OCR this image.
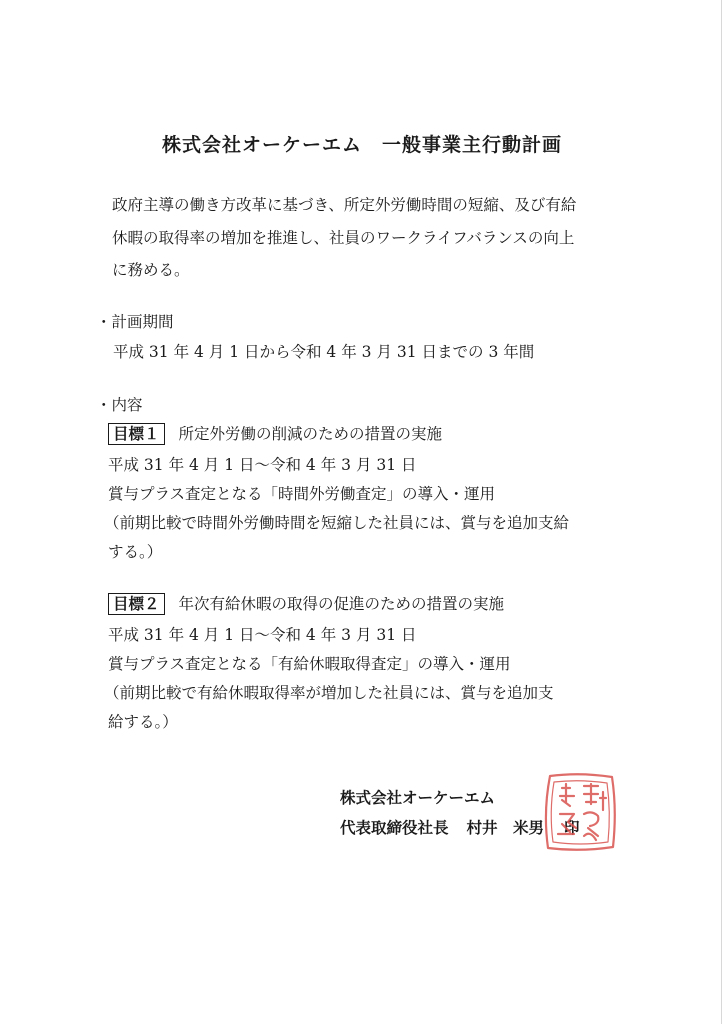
株式会社オーケーエム　一般事業主行動計画
政府主導の働き方改革に基づき、所定外労働時間の短縮、及び有給
休暇の取得率の増加を推進し、社員のワークライフバランスの向上
に務める。
・計画期間
平成 31 年 4 月 1 日から令和 4 年 3 月 31 日までの 3 年間
・内容
目標１ 所定外労働の削減のための措置の実施
平成 31 年 4 月 1 日～令和 4 年 3 月 31 日
賞与プラス査定となる「時間外労働査定」の導入・運用
（前期比較で時間外労働時間を短縮した社員には、賞与を追加支給
する。）
目標２ 年次有給休暇の取得の促進のための措置の実施
平成 31 年 4 月 1 日～令和 4 年 3 月 31 日
賞与プラス査定となる「有給休暇取得査定」の導入・運用
（前期比較で有給休暇取得率が増加した社員には、賞与を追加支
給する。）
株式会社オーケーエム
代表取締役社長 村井　米男 印
